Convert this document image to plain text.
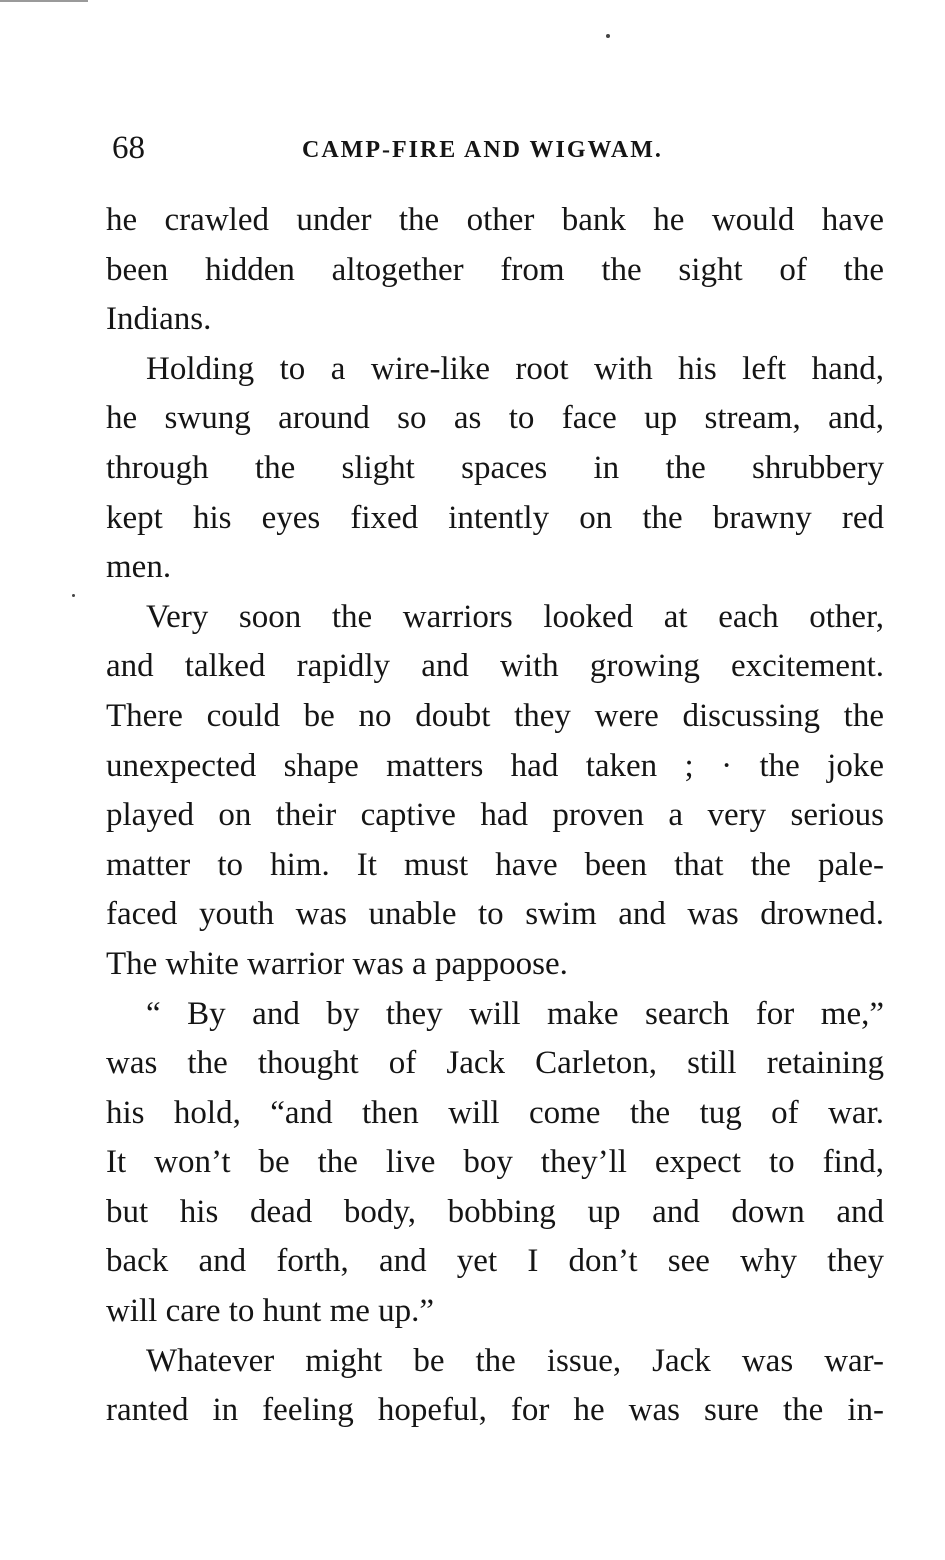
68	CAMP-FIRE AND WIGWAM.
he crawled under the other bank he would have
been hidden altogether from the sight of the
Indians.
Holding to a wire-like root with his left hand,
he swung around so as to face up stream, and,
through the slight spaces in the shrubbery
kept his eyes fixed intently on the brawny red
men.
Very soon the warriors looked at each other,
and talked rapidly and with growing excitement.
There could be no doubt they were discussing the
unexpected shape matters had taken ; · the joke
played on their captive had proven a very serious
matter to him. It must have been that the pale-
faced youth was unable to swim and was drowned.
The white warrior was a pappoose.
“ By and by they will make search for me,”
was the thought of Jack Carleton, still retaining
his hold, “and then will come the tug of war.
It won’t be the live boy they’ll expect to find,
but his dead body, bobbing up and down and
back and forth, and yet I don’t see why they
will care to hunt me up.”
Whatever might be the issue, Jack was war-
ranted in feeling hopeful, for he was sure the in-
